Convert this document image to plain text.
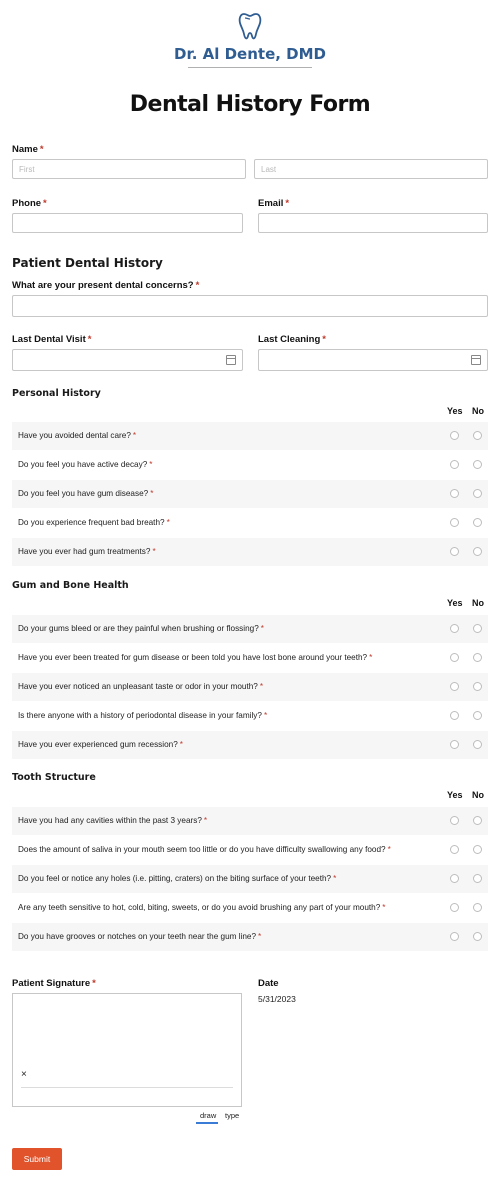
Dr. Al Dente, DMD
Dental History Form
Name *
First	Last
Phone *	Email *
Patient Dental History
What are your present dental concerns? *
Last Dental Visit *	Last Cleaning *
Personal History
Yes No
Have you avoided dental care? *
Do you feel you have active decay? *
Do you feel you have gum disease? *
Do you experience frequent bad breath? *
Have you ever had gum treatments? *
Gum and Bone Health
Yes No
Do your gums bleed or are they painful when brushing or flossing? *
Have you ever been treated for gum disease or been told you have lost bone around your teeth? *
Have you ever noticed an unpleasant taste or odor in your mouth? *
Is there anyone with a history of periodontal disease in your family? *
Have you ever experienced gum recession? *
Tooth Structure
Yes No
Have you had any cavities within the past 3 years? *
Does the amount of saliva in your mouth seem too little or do you have difficulty swallowing any food? *
Do you feel or notice any holes (i.e. pitting, craters) on the biting surface of your teeth? *
Are any teeth sensitive to hot, cold, biting, sweets, or do you avoid brushing any part of your mouth? *
Do you have grooves or notches on your teeth near the gum line? *
Patient Signature *
×
draw type
Date
5/31/2023
Submit
